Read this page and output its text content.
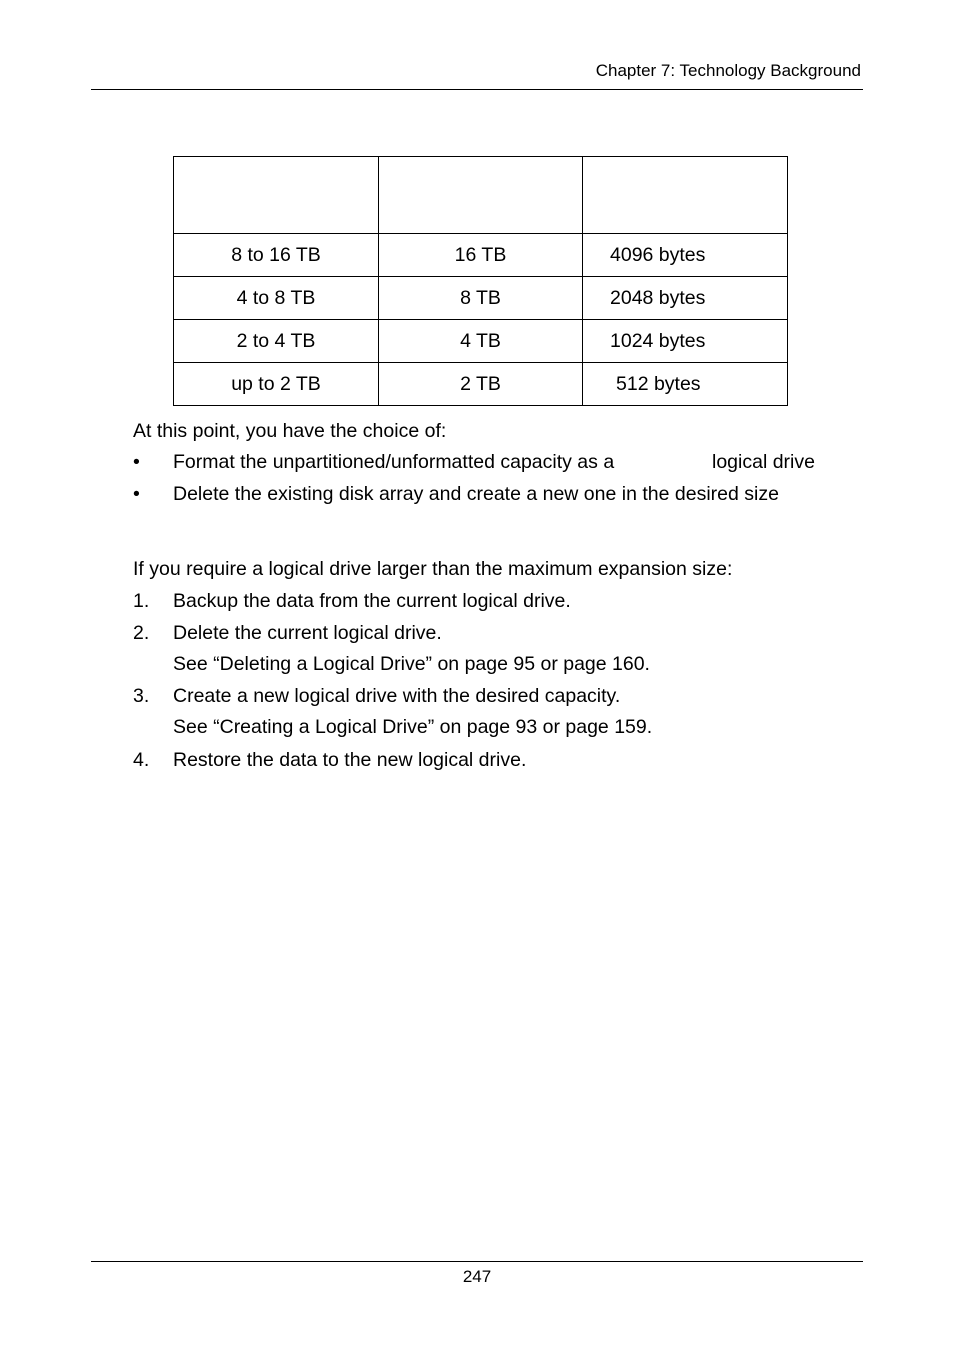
Chapter 7: Technology Background

8 to 16 TB	16 TB	4096 bytes
4 to 8 TB	8 TB	2048 bytes
2 to 4 TB	4 TB	1024 bytes
up to 2 TB	2 TB	512 bytes
At this point, you have the choice of:
• Format the unpartitioned/unformatted capacity as a	logical drive
• Delete the existing disk array and create a new one in the desired size
If you require a logical drive larger than the maximum expansion size:
1. Backup the data from the current logical drive.
2. Delete the current logical drive.
See “Deleting a Logical Drive” on page 95 or page 160.
3. Create a new logical drive with the desired capacity.
See “Creating a Logical Drive” on page 93 or page 159.
4. Restore the data to the new logical drive.
247
